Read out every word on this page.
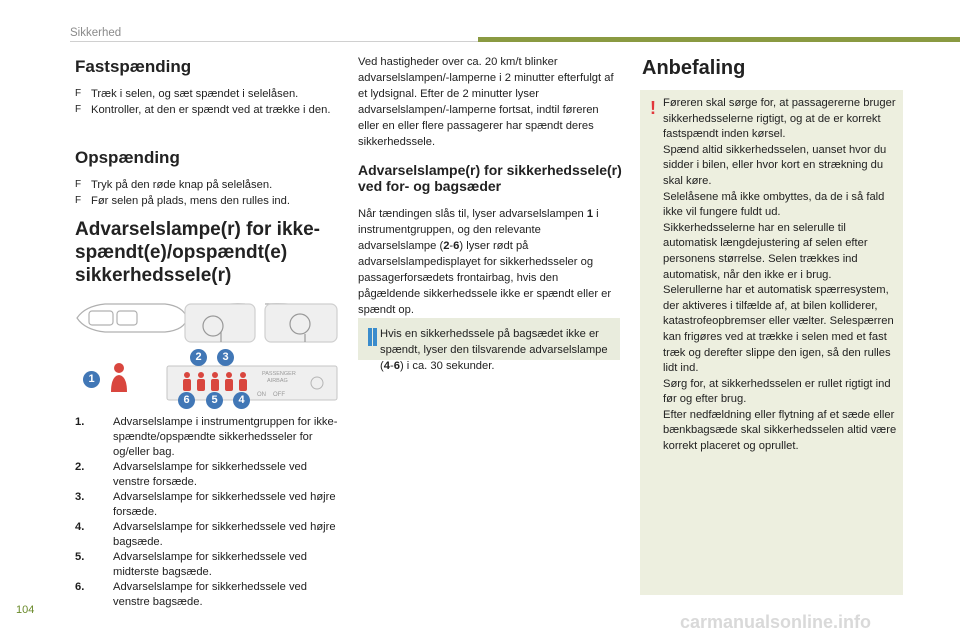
Sikkerhed
Fastspænding
F Træk i selen, og sæt spændet i selelåsen.
F Kontroller, at den er spændt ved at trække i den.
Opspænding
F Tryk på den røde knap på selelåsen.
F Før selen på plads, mens den rulles ind.
Advarselslampe(r) for ikke-
spændt(e)/opspændt(e)
sikkerhedssele(r)
PASSENGER
AIRBAG
ON OFF
1
2	3
4
5
6
1.	Advarselslampe i instrumentgruppen for ikke-spændte/opspændte sikkerhedsseler for og/eller bag.
2.	Advarselslampe for sikkerhedssele ved venstre forsæde.
3.	Advarselslampe for sikkerhedssele ved højre forsæde.
4.	Advarselslampe for sikkerhedssele ved højre bagsæde.
5.	Advarselslampe for sikkerhedssele ved midterste bagsæde.
6.	Advarselslampe for sikkerhedssele ved venstre bagsæde.
Ved hastigheder over ca. 20 km/t blinker advarselslampen/-lamperne i 2 minutter efterfulgt af et lydsignal. Efter de 2 minutter lyser advarselslampen/-lamperne fortsat, indtil føreren eller en eller flere passagerer har spændt deres sikkerhedssele.
Advarselslampe(r) for sikkerhedssele(r)
ved for- og bagsæder
Når tændingen slås til, lyser advarselslampen 1 i instrumentgruppen, og den relevante advarselslampe (2-6) lyser rødt på advarselslampedisplayet for sikkerhedsseler og passagerforsædets frontairbag, hvis den pågældende sikkerhedssele ikke er spændt eller er spændt op.
Hvis en sikkerhedssele på bagsædet ikke er spændt, lyser den tilsvarende advarselslampe (4-6) i ca. 30 sekunder.
Anbefaling
! Føreren skal sørge for, at passagererne bruger sikkerhedsselerne rigtigt, og at de er korrekt fastspændt inden kørsel.
Spænd altid sikkerhedsselen, uanset hvor du sidder i bilen, eller hvor kort en strækning du skal køre.
Selelåsene må ikke ombyttes, da de i så fald ikke vil fungere fuldt ud.
Sikkerhedsselerne har en selerulle til automatisk længdejustering af selen efter personens størrelse. Selen trækkes ind automatisk, når den ikke er i brug.
Selerullerne har et automatisk spærresystem, der aktiveres i tilfælde af, at bilen kolliderer, katastrofeopbremser eller vælter. Selespærren kan frigøres ved at trække i selen med et fast træk og derefter slippe den igen, så den rulles lidt ind.
Sørg for, at sikkerhedsselen er rullet rigtigt ind før og efter brug.
Efter nedfældning eller flytning af et sæde eller bænkbagsæde skal sikkerhedsselen altid være korrekt placeret og oprullet.
104
carmanualsonline.info
